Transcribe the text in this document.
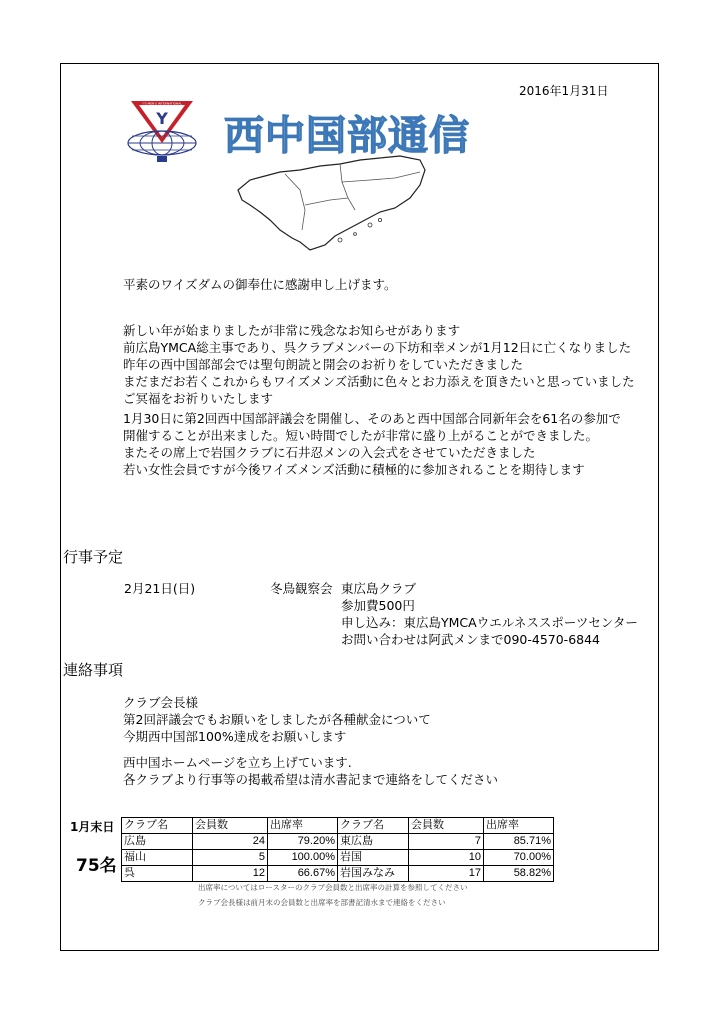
2016年1月31日
Y'S MEN'S INTERNATIONAL
Y 西中国部通信
平素のワイズダムの御奉仕に感謝申し上げます。
新しい年が始まりましたが非常に残念なお知らせがあります
前広島YMCA総主事であり、呉クラブメンバーの下坊和幸メンが1月12日に亡くなりました
昨年の西中国部部会では聖句朗読と開会のお祈りをしていただきました
まだまだお若くこれからもワイズメンズ活動に色々とお力添えを頂きたいと思っていました
ご冥福をお祈りいたします
1月30日に第2回西中国部評議会を開催し、そのあと西中国部合同新年会を61名の参加で
開催することが出来ました。短い時間でしたが非常に盛り上がることができました。
またその席上で岩国クラブに石井忍メンの入会式をさせていただきました
若い女性会員ですが今後ワイズメンズ活動に積極的に参加されることを期待します
行事予定
2月21日(日)	冬鳥観察会 東広島クラブ
参加費500円
申し込み：東広島YMCAウエルネススポーツセンター
お問い合わせは阿武メンまで090-4570-6844
連絡事項
クラブ会長様
第2回評議会でもお願いをしましたが各種献金について
今期西中国部100%達成をお願いします
西中国ホームページを立ち上げています.
各クラブより行事等の掲載希望は清水書記まで連絡をしてください
1月末日
75名
クラブ名	会員数	出席率	クラブ名	会員数	出席率
広島	24	79.20%	東広島	7	85.71%
福山	5	100.00%	岩国	10	70.00%
呉	12	66.67%	岩国みなみ	17	58.82%
出席率についてはロースターのクラブ会員数と出席率の計算を参照してください
クラブ会長様は前月末の会員数と出席率を部書記清水まで連絡をください
